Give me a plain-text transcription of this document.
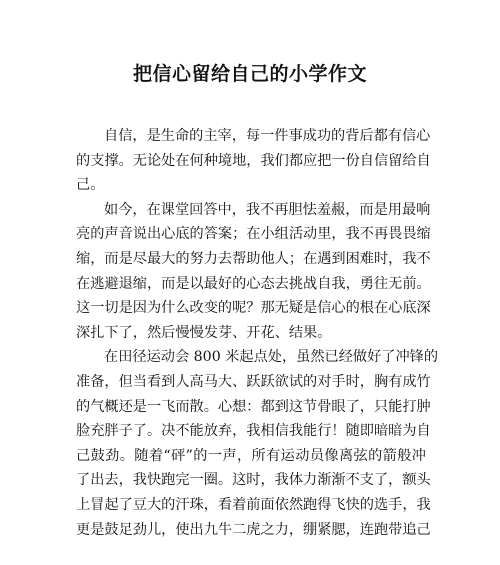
把信心留给自己的小学作文
自信，是生命的主宰，每一件事成功的背后都有信心
的支撑。无论处在何种境地，我们都应把一份自信留给自
己。
如今，在课堂回答中，我不再胆怯羞赧，而是用最响
亮的声音说出心底的答案；在小组活动里，我不再畏畏缩
缩，而是尽最大的努力去帮助他人；在遇到困难时，我不
在逃避退缩，而是以最好的心态去挑战自我，勇往无前。
这一切是因为什么改变的呢？那无疑是信心的根在心底深
深扎下了，然后慢慢发芽、开花、结果。
在田径运动会 800 米起点处，虽然已经做好了冲锋的
准备，但当看到人高马大、跃跃欲试的对手时，胸有成竹
的气概还是一飞而散。心想：都到这节骨眼了，只能打肿
脸充胖子了。决不能放弃，我相信我能行！随即暗暗为自
己鼓劲。随着“砰”的一声，所有运动员像离弦的箭般冲
了出去，我快跑完一圈。这时，我体力渐渐不支了，额头
上冒起了豆大的汗珠，看着前面依然跑得飞快的选手，我
更是鼓足劲儿，使出九牛二虎之力，绷紧腮，连跑带追己
